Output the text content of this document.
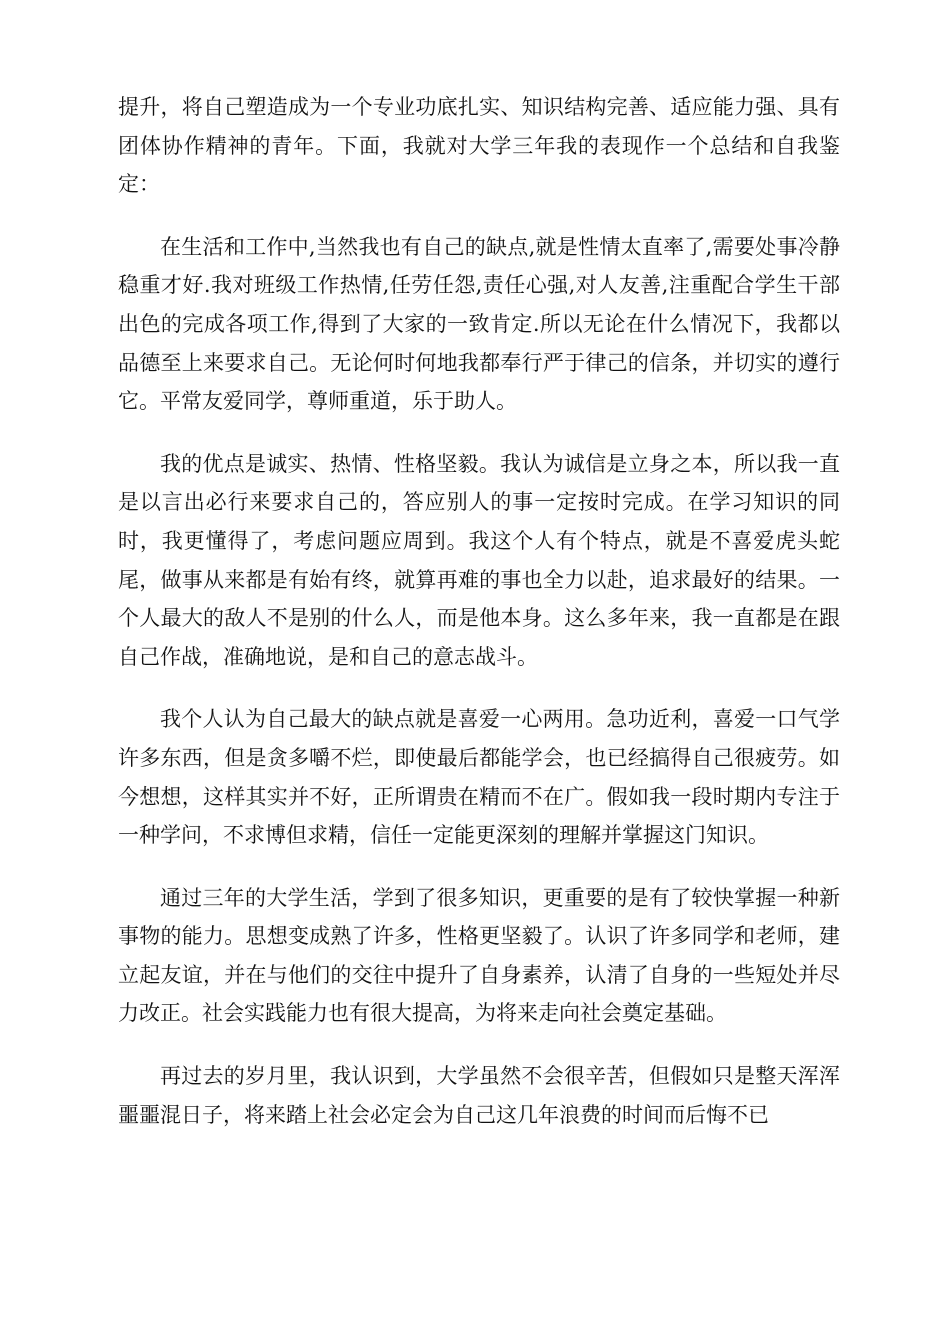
提升，将自己塑造成为一个专业功底扎实、知识结构完善、适应能力强、具有团体协作精神的青年。下面，我就对大学三年我的表现作一个总结和自我鉴定：

在生活和工作中,当然我也有自己的缺点,就是性情太直率了,需要处事冷静稳重才好.我对班级工作热情,任劳任怨,责任心强,对人友善,注重配合学生干部出色的完成各项工作,得到了大家的一致肯定.所以无论在什么情况下，我都以品德至上来要求自己。无论何时何地我都奉行严于律己的信条，并切实的遵行它。平常友爱同学，尊师重道，乐于助人。

我的优点是诚实、热情、性格坚毅。我认为诚信是立身之本，所以我一直是以言出必行来要求自己的，答应别人的事一定按时完成。在学习知识的同时，我更懂得了，考虑问题应周到。我这个人有个特点，就是不喜爱虎头蛇尾，做事从来都是有始有终，就算再难的事也全力以赴，追求最好的结果。一个人最大的敌人不是别的什么人，而是他本身。这么多年来，我一直都是在跟自己作战，准确地说，是和自己的意志战斗。

我个人认为自己最大的缺点就是喜爱一心两用。急功近利，喜爱一口气学许多东西，但是贪多嚼不烂，即使最后都能学会，也已经搞得自己很疲劳。如今想想，这样其实并不好，正所谓贵在精而不在广。假如我一段时期内专注于一种学问，不求博但求精，信任一定能更深刻的理解并掌握这门知识。

通过三年的大学生活，学到了很多知识，更重要的是有了较快掌握一种新事物的能力。思想变成熟了许多，性格更坚毅了。认识了许多同学和老师，建立起友谊，并在与他们的交往中提升了自身素养，认清了自身的一些短处并尽力改正。社会实践能力也有很大提高，为将来走向社会奠定基础。

再过去的岁月里，我认识到，大学虽然不会很辛苦，但假如只是整天浑浑噩噩混日子，将来踏上社会必定会为自己这几年浪费的时间而后悔不已
